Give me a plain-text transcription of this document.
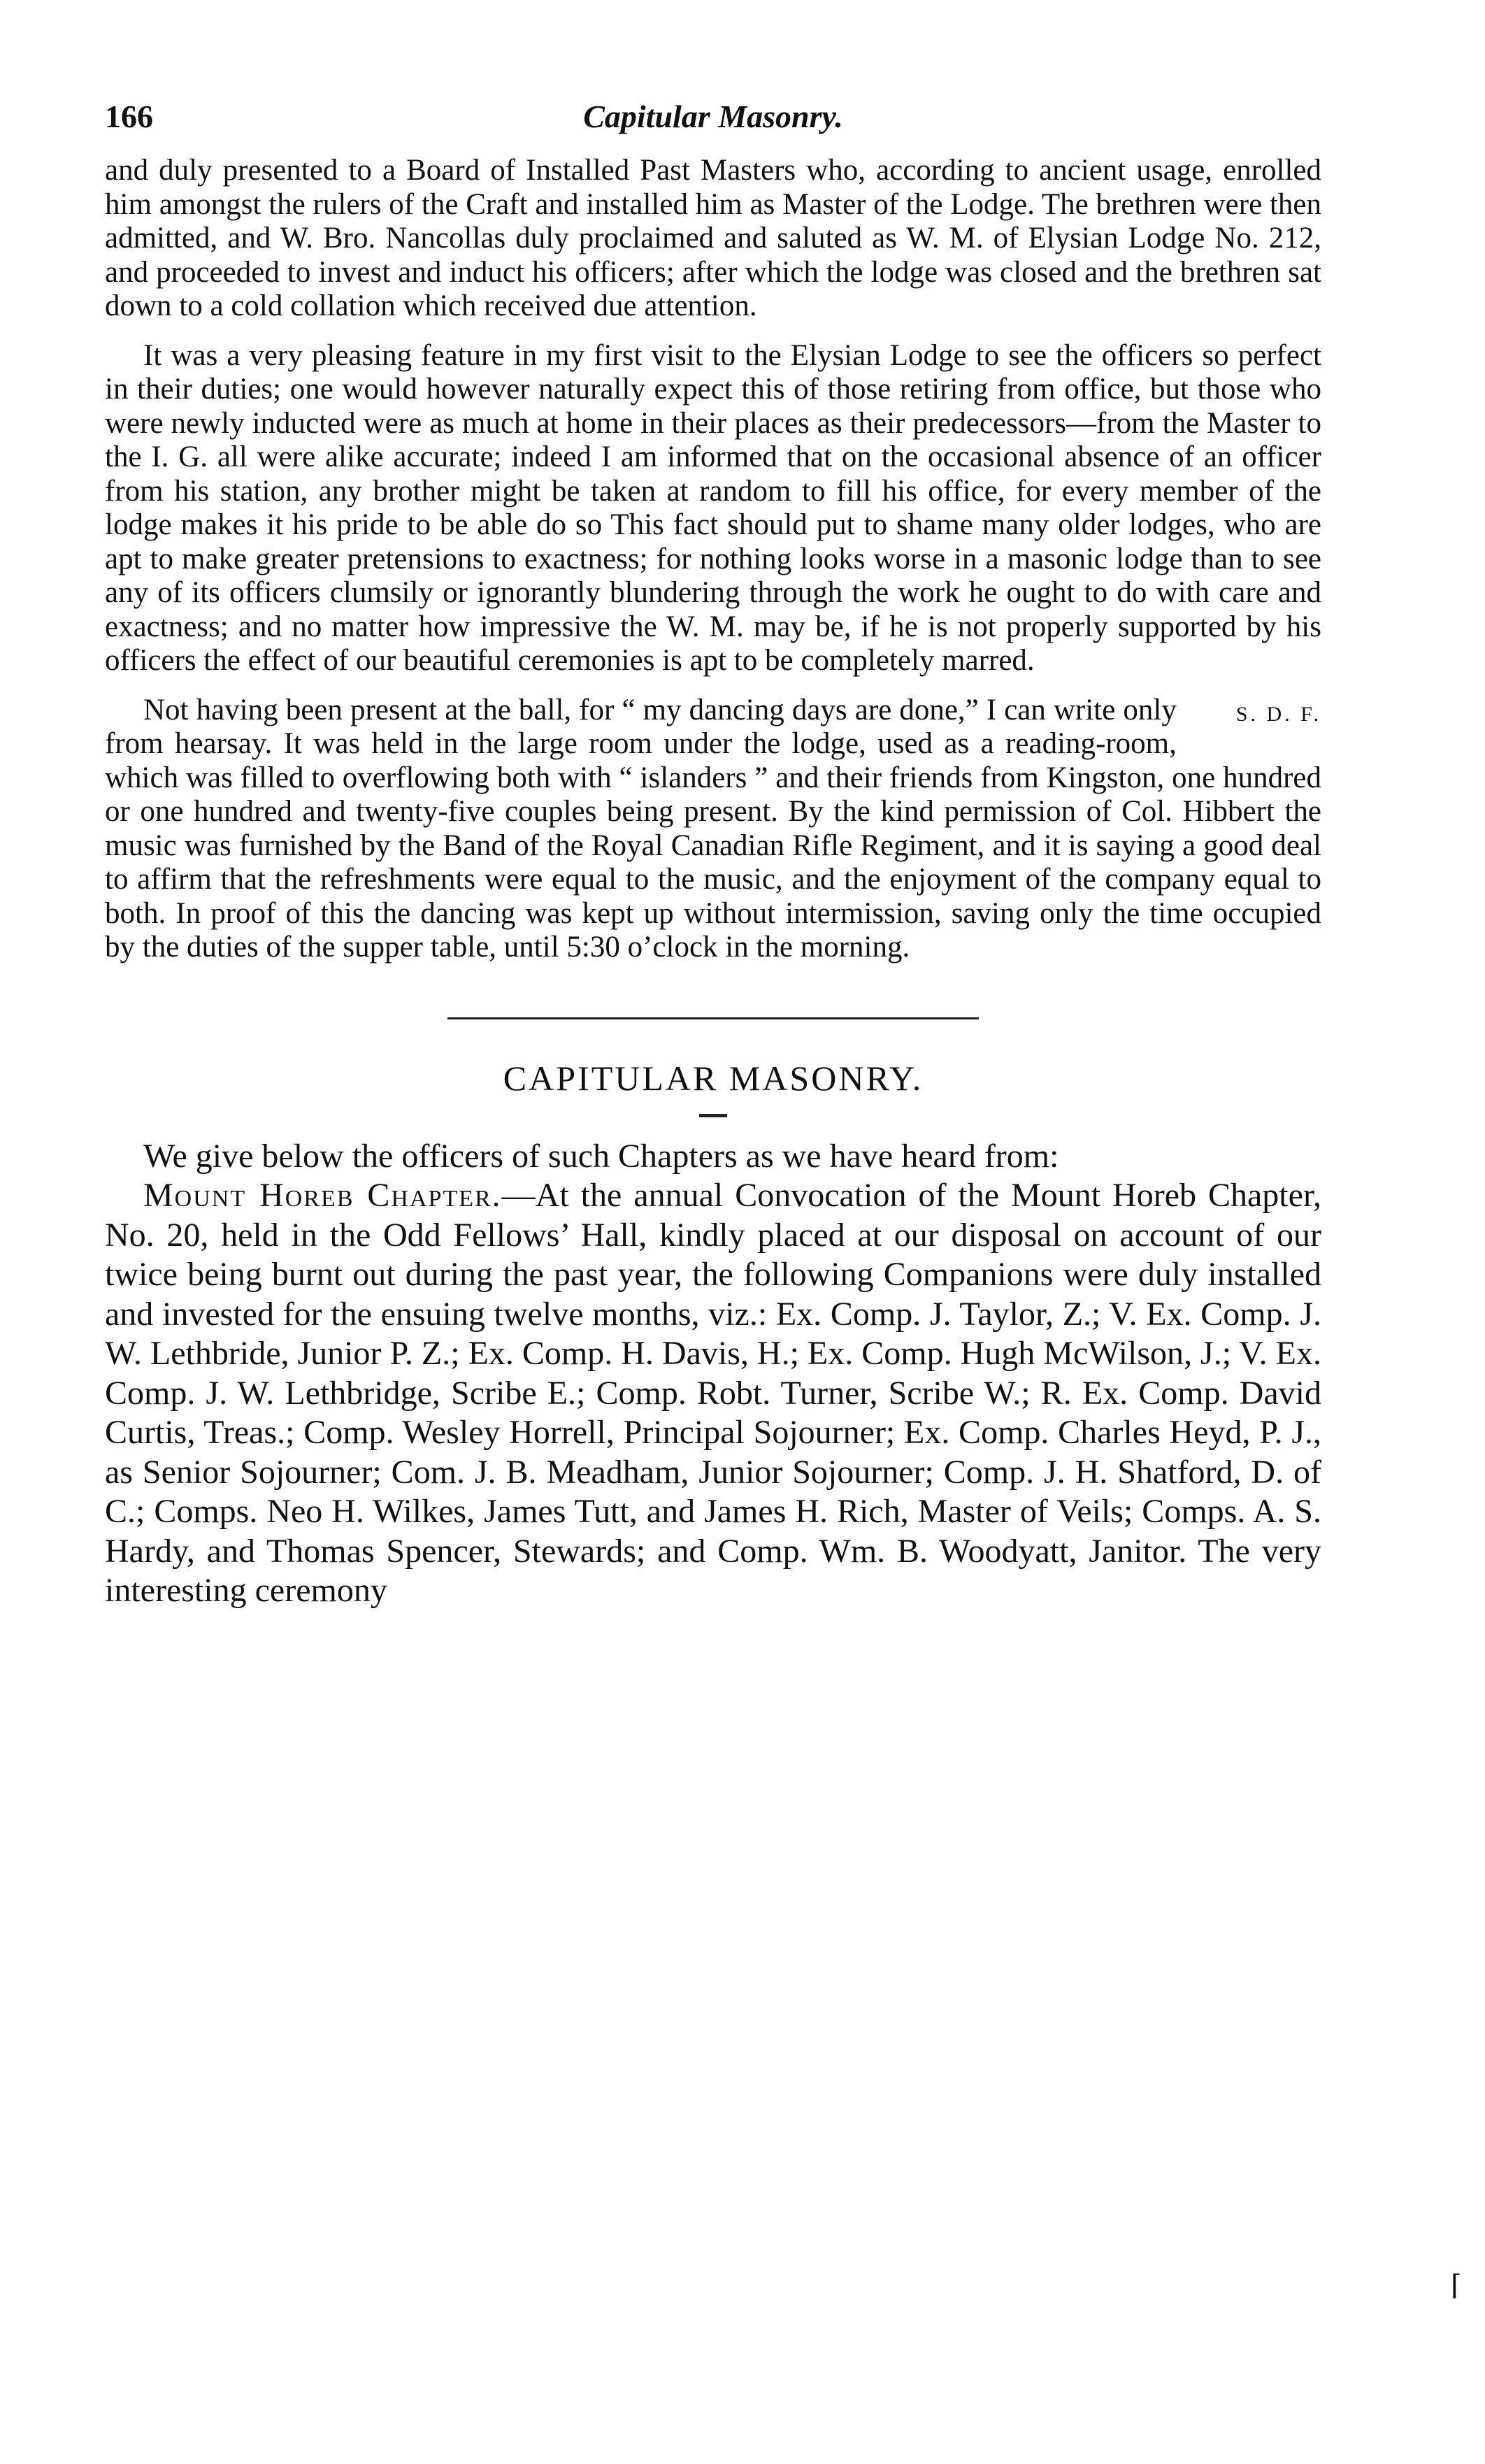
166	Capitular Masonry.

and duly presented to a Board of Installed Past Masters who, according to ancient usage, enrolled him amongst the rulers of the Craft and installed him as Master of the Lodge. The brethren were then admitted, and W. Bro. Nancollas duly proclaimed and saluted as W. M. of Elysian Lodge No. 212, and proceeded to invest and induct his officers; after which the lodge was closed and the brethren sat down to a cold collation which received due attention.

It was a very pleasing feature in my first visit to the Elysian Lodge to see the officers so perfect in their duties; one would however naturally expect this of those retiring from office, but those who were newly inducted were as much at home in their places as their predecessors—from the Master to the I. G. all were alike accurate; indeed I am informed that on the occasional absence of an officer from his station, any brother might be taken at random to fill his office, for every member of the lodge makes it his pride to be able do so This fact should put to shame many older lodges, who are apt to make greater pretensions to exactness; for nothing looks worse in a masonic lodge than to see any of its officers clumsily or ignorantly blundering through the work he ought to do with care and exactness; and no matter how impressive the W. M. may be, if he is not properly supported by his officers the effect of our beautiful ceremonies is apt to be completely marred.

S. D. F.
Not having been present at the ball, for “ my dancing days are done,” I can write only from hearsay. It was held in the large room under the lodge, used as a reading-room, which was filled to overflowing both with “ islanders ” and their friends from Kingston, one hundred or one hundred and twenty-five couples being present. By the kind permission of Col. Hibbert the music was furnished by the Band of the Royal Canadian Rifle Regiment, and it is saying a good deal to affirm that the refreshments were equal to the music, and the enjoyment of the company equal to both. In proof of this the dancing was kept up without intermission, saving only the time occupied by the duties of the supper table, until 5:30 o’clock in the morning.

CAPITULAR MASONRY.

We give below the officers of such Chapters as we have heard from:

Mount Horeb Chapter.—At the annual Convocation of the Mount Horeb Chapter, No. 20, held in the Odd Fellows’ Hall, kindly placed at our disposal on account of our twice being burnt out during the past year, the following Companions were duly installed and invested for the ensuing twelve months, viz.: Ex. Comp. J. Taylor, Z.; V. Ex. Comp. J. W. Lethbride, Junior P. Z.; Ex. Comp. H. Davis, H.; Ex. Comp. Hugh McWilson, J.; V. Ex. Comp. J. W. Lethbridge, Scribe E.; Comp. Robt. Turner, Scribe W.; R. Ex. Comp. David Curtis, Treas.; Comp. Wesley Horrell, Principal Sojourner; Ex. Comp. Charles Heyd, P. J., as Senior Sojourner; Com. J. B. Meadham, Junior Sojourner; Comp. J. H. Shatford, D. of C.; Comps. Neo H. Wilkes, James Tutt, and James H. Rich, Master of Veils; Comps. A. S. Hardy, and Thomas Spencer, Stewards; and Comp. Wm. B. Woodyatt, Janitor. The very interesting ceremony

⌈
